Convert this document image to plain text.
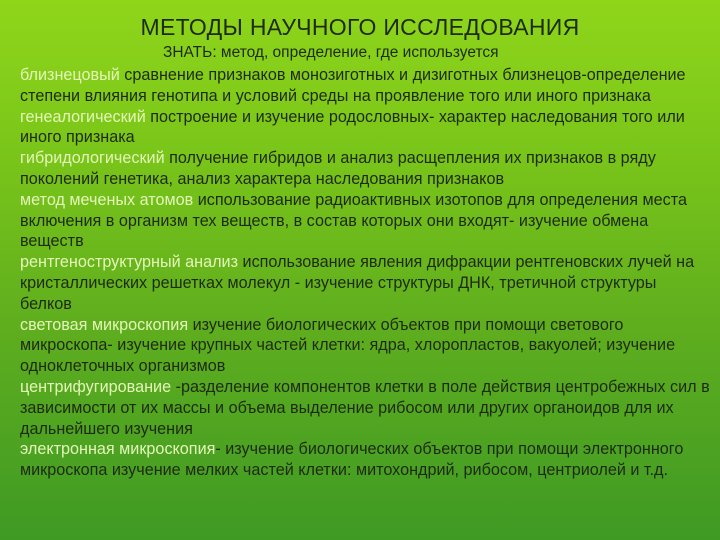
МЕТОДЫ НАУЧНОГО ИССЛЕДОВАНИЯ
ЗНАТЬ: метод, определение, где используется

близнецовый сравнение признаков монозиготных и дизиготных близнецов-определение степени влияния генотипа и условий среды на проявление того или иного признака

генеалогический построение и изучение родословных- характер наследования того или иного признака

гибридологический получение гибридов и анализ расщепления их признаков в ряду поколений генетика, анализ характера наследования признаков

метод меченых атомов использование радиоактивных изотопов для определения места включения в организм тех веществ, в состав которых они входят- изучение обмена веществ

рентгеноструктурный анализ использование явления дифракции рентгеновских лучей на кристаллических решетках молекул - изучение структуры ДНК, третичной структуры белков

световая микроскопия изучение биологических объектов при помощи светового микроскопа- изучение крупных частей клетки: ядра, хлоропластов, вакуолей; изучение одноклеточных организмов

центрифугирование -разделение компонентов клетки в поле действия центробежных сил в зависимости от их массы и объема выделение рибосом или других органоидов для их дальнейшего изучения

электронная микроскопия- изучение биологических объектов при помощи электронного микроскопа изучение мелких частей клетки: митохондрий, рибосом, центриолей и т.д.
